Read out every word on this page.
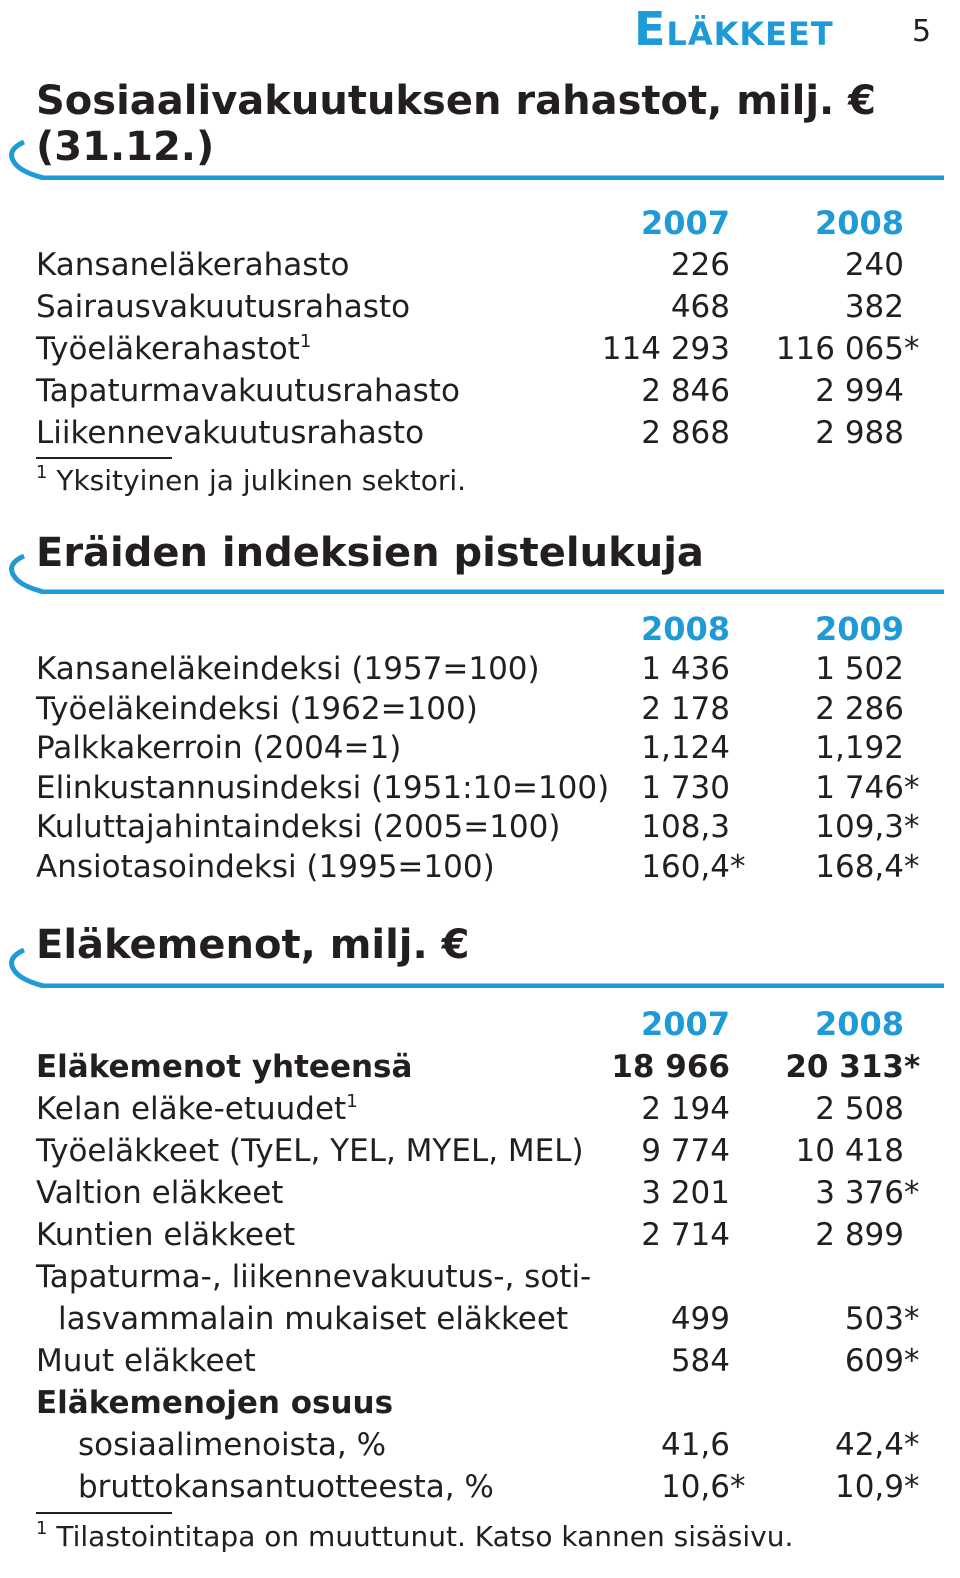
Eläkkeet	5
Sosiaalivakuutuksen rahastot, milj. €
(31.12.)
2007	2008
Kansaneläkerahasto	226	240
Sairausvakuutusrahasto	468	382
Työeläkerahastot$^1$	114 293	116 065*
Tapaturmavakuutusrahasto	2 846	2 994
Liikennevakuutusrahasto	2 868	2 988
$^1$ Yksityinen ja julkinen sektori.
Eräiden indeksien pistelukuja
2008	2009
Kansaneläkeindeksi (1957=100)	1 436	1 502
Työeläkeindeksi (1962=100)	2 178	2 286
Palkkakerroin (2004=1)	1,124	1,192
Elinkustannusindeksi (1951:10=100) 1 730	1 746*
Kuluttajahintaindeksi (2005=100)	108,3	109,3*
Ansiotasoindeksi (1995=100)	160,4* 168,4*
Eläkemenot, milj. €
2007	2008
Eläkemenot yhteensä	18 966	20 313*
Kelan eläke-etuudet$^1$	2 194	2 508
Työeläkkeet (TyEL, YEL, MYEL, MEL) 9 774	10 418
Valtion eläkkeet	3 201	3 376*
Kuntien eläkkeet	2 714	2 899
Tapaturma-, liikennevakuutus-, soti-
lasvammalain mukaiset eläkkeet	499	503*
Muut eläkkeet	584	609*
Eläkemenojen osuus
sosiaalimenoista, %	41,6	42,4*
bruttokansantuotteesta, %	10,6*	10,9*
$^1$ Tilastointitapa on muuttunut. Katso kannen sisäsivu.
